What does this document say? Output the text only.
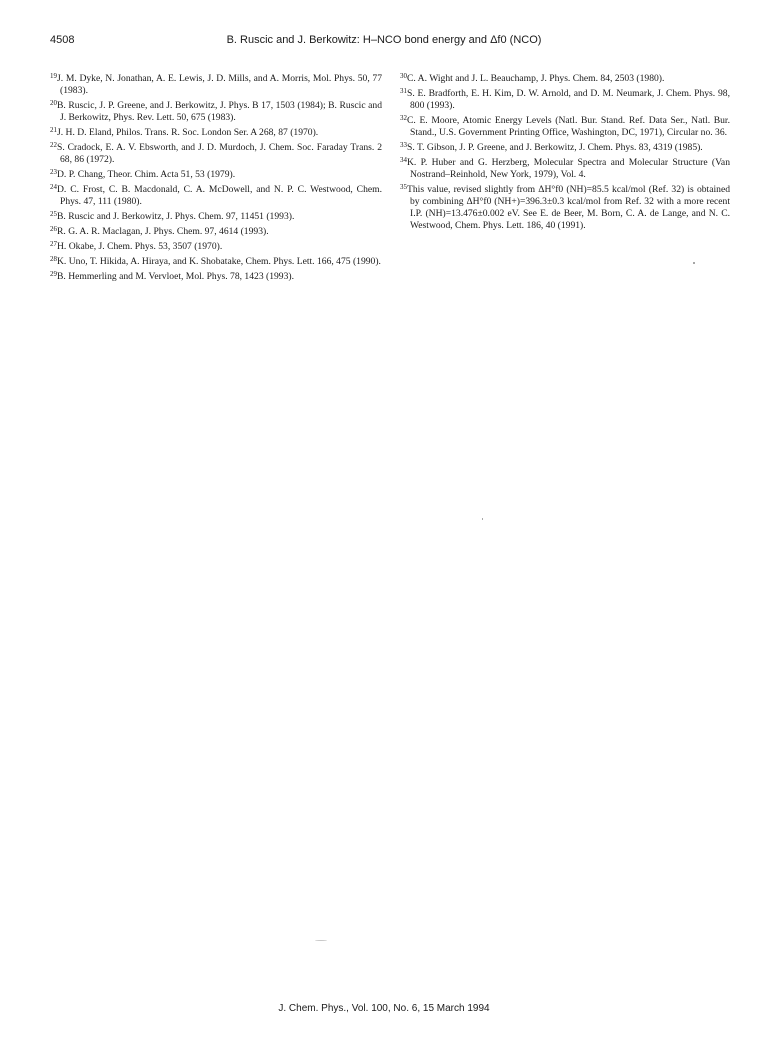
4508	B. Ruscic and J. Berkowitz: H–NCO bond energy and Δf0 (NCO)

$^{19}$J. M. Dyke, N. Jonathan, A. E. Lewis, J. D. Mills, and A. Morris, Mol. Phys. 50, 77 (1983).

$^{20}$B. Ruscic, J. P. Greene, and J. Berkowitz, J. Phys. B 17, 1503 (1984); B. Ruscic and J. Berkowitz, Phys. Rev. Lett. 50, 675 (1983).

$^{21}$J. H. D. Eland, Philos. Trans. R. Soc. London Ser. A 268, 87 (1970).

$^{22}$S. Cradock, E. A. V. Ebsworth, and J. D. Murdoch, J. Chem. Soc. Faraday Trans. 2 68, 86 (1972).

$^{23}$D. P. Chang, Theor. Chim. Acta 51, 53 (1979).

$^{24}$D. C. Frost, C. B. Macdonald, C. A. McDowell, and N. P. C. Westwood, Chem. Phys. 47, 111 (1980).

$^{25}$B. Ruscic and J. Berkowitz, J. Phys. Chem. 97, 11451 (1993).

$^{26}$R. G. A. R. Maclagan, J. Phys. Chem. 97, 4614 (1993).

$^{27}$H. Okabe, J. Chem. Phys. 53, 3507 (1970).

$^{28}$K. Uno, T. Hikida, A. Hiraya, and K. Shobatake, Chem. Phys. Lett. 166, 475 (1990).

$^{29}$B. Hemmerling and M. Vervloet, Mol. Phys. 78, 1423 (1993).

$^{30}$C. A. Wight and J. L. Beauchamp, J. Phys. Chem. 84, 2503 (1980).

$^{31}$S. E. Bradforth, E. H. Kim, D. W. Arnold, and D. M. Neumark, J. Chem. Phys. 98, 800 (1993).

$^{32}$C. E. Moore, Atomic Energy Levels (Natl. Bur. Stand. Ref. Data Ser., Natl. Bur. Stand., U.S. Government Printing Office, Washington, DC, 1971), Circular no. 36.

$^{33}$S. T. Gibson, J. P. Greene, and J. Berkowitz, J. Chem. Phys. 83, 4319 (1985).

$^{34}$K. P. Huber and G. Herzberg, Molecular Spectra and Molecular Structure (Van Nostrand–Reinhold, New York, 1979), Vol. 4.

$^{35}$This value, revised slightly from ΔH°f0 (NH)=85.5 kcal/mol (Ref. 32) is obtained by combining ΔH°f0 (NH+)=396.3±0.3 kcal/mol from Ref. 32 with a more recent I.P. (NH)=13.476±0.002 eV. See E. de Beer, M. Born, C. A. de Lange, and N. C. Westwood, Chem. Phys. Lett. 186, 40 (1991).

J. Chem. Phys., Vol. 100, No. 6, 15 March 1994
